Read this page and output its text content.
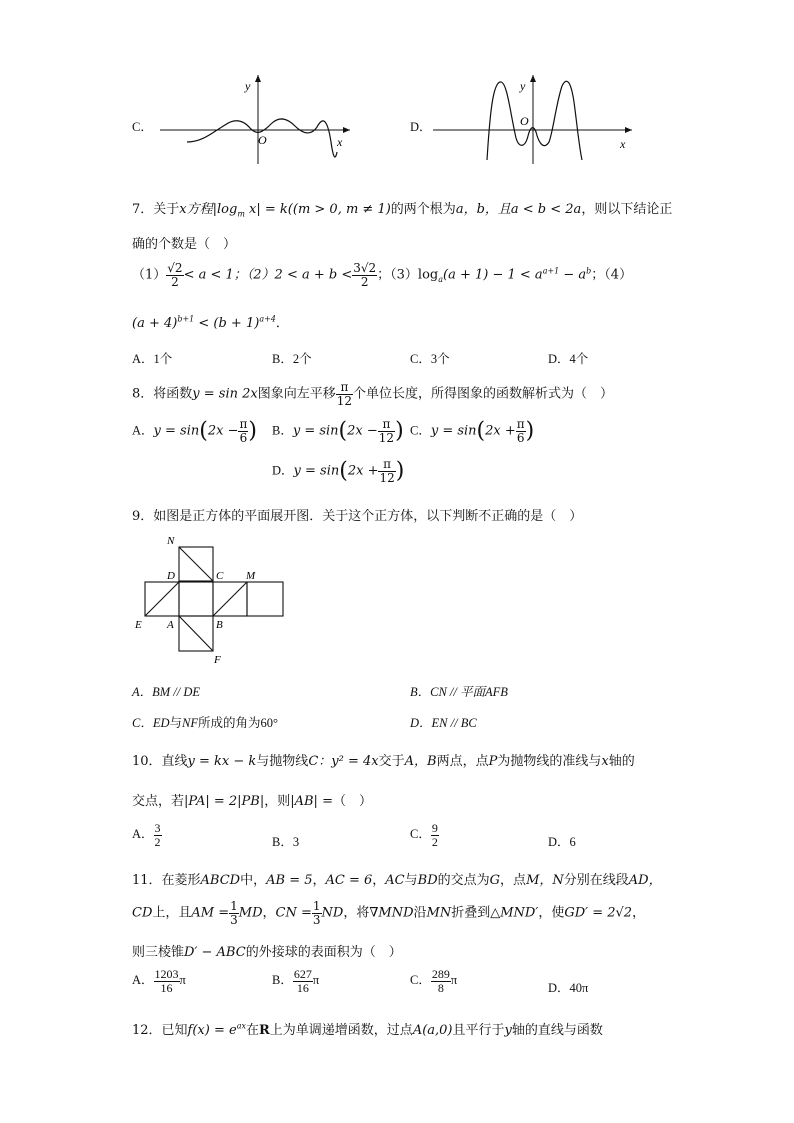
C．
y
O	x
D．
y
O
x
7．关于x方程$|\log_m$ x| = k((m > 0, m ≠ 1)的两个根为a，b，且a < b < 2a，则以下结论正
确的个数是（　）
$(1) \frac{√2}{2} < a < 1$；$(2)2 < a + b < \frac{3√2}{2}$ ；$(3)\log_a(a + 1) - 1 < a^{a+1} - a^b$；（4）
$(a + 4)^{b+1} < (b + 1)^{a+4}$．
A．1个	B．2个	C．3个	D．4个
8．将函数y = sin 2x图象向左平移 $\frac{\pi}{12}$ 个单位长度，所得图象的函数解析式为（　）
A．$y = \sin(2x - \frac{\pi}{6}$ ) B．$y = \sin(2x - \frac{\pi}{12}$ ) C．$y = \sin(2x + \frac{\pi}{6}$ )
D．$y = \sin(2x + \frac{\pi}{12}$ )
9．如图是正方体的平面展开图．关于这个正方体，以下判断不正确的是（　）
N
D	C M
E A	B
F
A．BM // DE	B．CN // 平面AFB
C．ED与NF所成的角为60°	D．EN // BC
10．直线y = kx − k与抛物线C：y² = 4x交于A，B两点，点P为抛物线的准线与x轴的
交点，若|PA| = 2|PB|，则|AB| =（　）
A． $\frac{3}{2}$	B．3
C． $\frac{9}{2}$	D．6
11．在菱形ABCD中，AB = 5，AC = 6，AC与BD的交点为G，点M，N分别在线段AD，
CD上，且AM = $\frac{1}{3}$ MD，CN = $\frac{1}{3}$ ND，将∇MND沿MN折叠到△MND′，使GD′ = 2√2，
则三棱锥D′ − ABC的外接球的表面积为（　）
A． $\frac{1203}{16}$ π	B． $\frac{627}{16}$ π	C． $\frac{289}{8}$ π
D．40π
12．已知$f(x) = e^{ax}$在R上为单调递增函数，过点A(a,0)且平行于y轴的直线与函数
